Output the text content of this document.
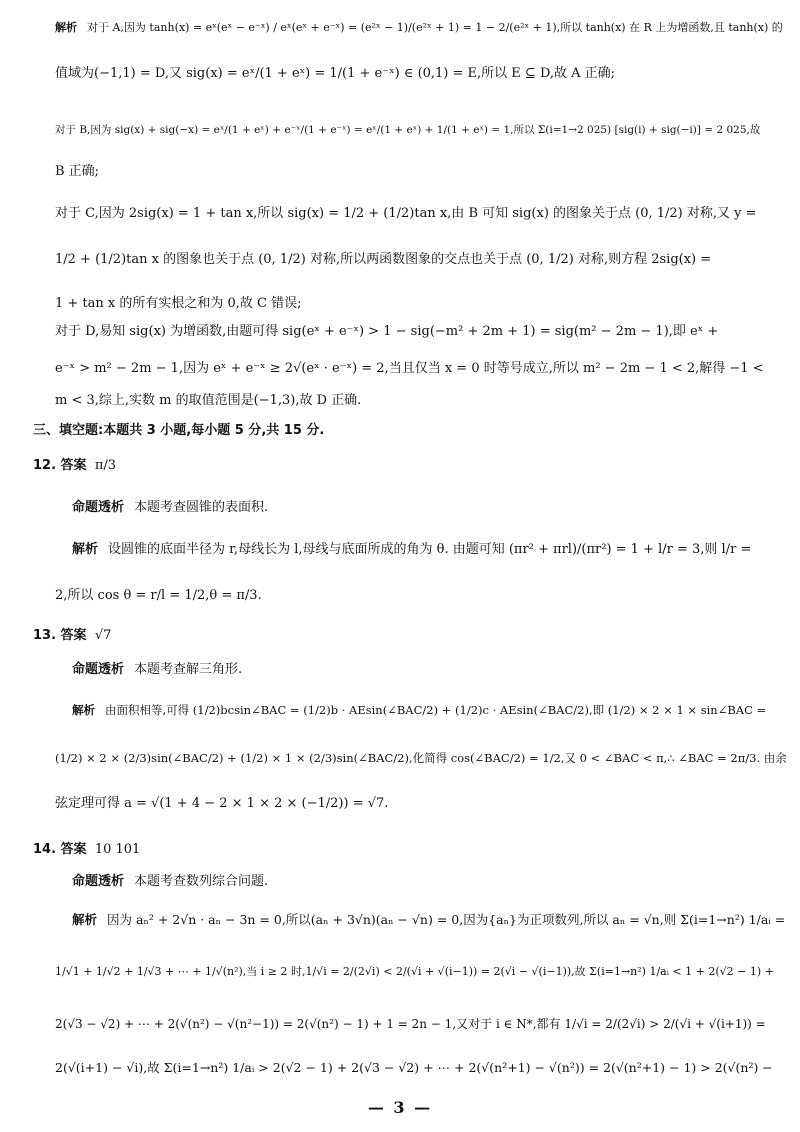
解析 对于 A,因为 tanh(x) = eˣ(eˣ − e⁻ˣ) / eˣ(eˣ + e⁻ˣ) = (e²ˣ − 1)/(e²ˣ + 1) = 1 − 2/(e²ˣ + 1),所以 tanh(x) 在 R 上为增函数,且 tanh(x) 的
值域为(−1,1) = D,又 sig(x) = eˣ/(1 + eˣ) = 1/(1 + e⁻ˣ) ∈ (0,1) = E,所以 E ⊆ D,故 A 正确;
对于 B,因为 sig(x) + sig(−x) = eˣ/(1 + eˣ) + e⁻ˣ/(1 + e⁻ˣ) = eˣ/(1 + eˣ) + 1/(1 + eˣ) = 1,所以 Σ(i=1→2 025) [sig(i) + sig(−i)] = 2 025,故
B 正确;
对于 C,因为 2sig(x) = 1 + tan x,所以 sig(x) = 1/2 + (1/2)tan x,由 B 可知 sig(x) 的图象关于点 (0, 1/2) 对称,又 y =
1/2 + (1/2)tan x 的图象也关于点 (0, 1/2) 对称,所以两函数图象的交点也关于点 (0, 1/2) 对称,则方程 2sig(x) =
1 + tan x 的所有实根之和为 0,故 C 错误;
对于 D,易知 sig(x) 为增函数,由题可得 sig(eˣ + e⁻ˣ) > 1 − sig(−m² + 2m + 1) = sig(m² − 2m − 1),即 eˣ +
e⁻ˣ > m² − 2m − 1,因为 eˣ + e⁻ˣ ≥ 2√(eˣ · e⁻ˣ) = 2,当且仅当 x = 0 时等号成立,所以 m² − 2m − 1 < 2,解得 −1 <
m < 3,综上,实数 m 的取值范围是(−1,3),故 D 正确.
三、填空题:本题共 3 小题,每小题 5 分,共 15 分.
12. 答案 π/3
命题透析 本题考查圆锥的表面积.
解析 设圆锥的底面半径为 r,母线长为 l,母线与底面所成的角为 θ. 由题可知 (πr² + πrl)/(πr²) = 1 + l/r = 3,则 l/r =
2,所以 cos θ = r/l = 1/2,θ = π/3.
13. 答案 √7
命题透析 本题考查解三角形.
解析 由面积相等,可得 (1/2)bcsin∠BAC = (1/2)b · AEsin(∠BAC/2) + (1/2)c · AEsin(∠BAC/2),即 (1/2) × 2 × 1 × sin∠BAC =
(1/2) × 2 × (2/3)sin(∠BAC/2) + (1/2) × 1 × (2/3)sin(∠BAC/2),化简得 cos(∠BAC/2) = 1/2,又 0 < ∠BAC < π,∴ ∠BAC = 2π/3. 由余
弦定理可得 a = √(1 + 4 − 2 × 1 × 2 × (−1/2)) = √7.
14. 答案 10 101
命题透析 本题考查数列综合问题.
解析 因为 aₙ² + 2√n · aₙ − 3n = 0,所以(aₙ + 3√n)(aₙ − √n) = 0,因为{aₙ}为正项数列,所以 aₙ = √n,则 Σ(i=1→n²) 1/aᵢ =
1/√1 + 1/√2 + 1/√3 + ⋯ + 1/√(n²),当 i ≥ 2 时,1/√i = 2/(2√i) < 2/(√i + √(i−1)) = 2(√i − √(i−1)),故 Σ(i=1→n²) 1/aᵢ < 1 + 2(√2 − 1) +
2(√3 − √2) + ⋯ + 2(√(n²) − √(n²−1)) = 2(√(n²) − 1) + 1 = 2n − 1,又对于 i ∈ N*,都有 1/√i = 2/(2√i) > 2/(√i + √(i+1)) =
2(√(i+1) − √i),故 Σ(i=1→n²) 1/aᵢ > 2(√2 − 1) + 2(√3 − √2) + ⋯ + 2(√(n²+1) − √(n²)) = 2(√(n²+1) − 1) > 2(√(n²) −
— 3 —
